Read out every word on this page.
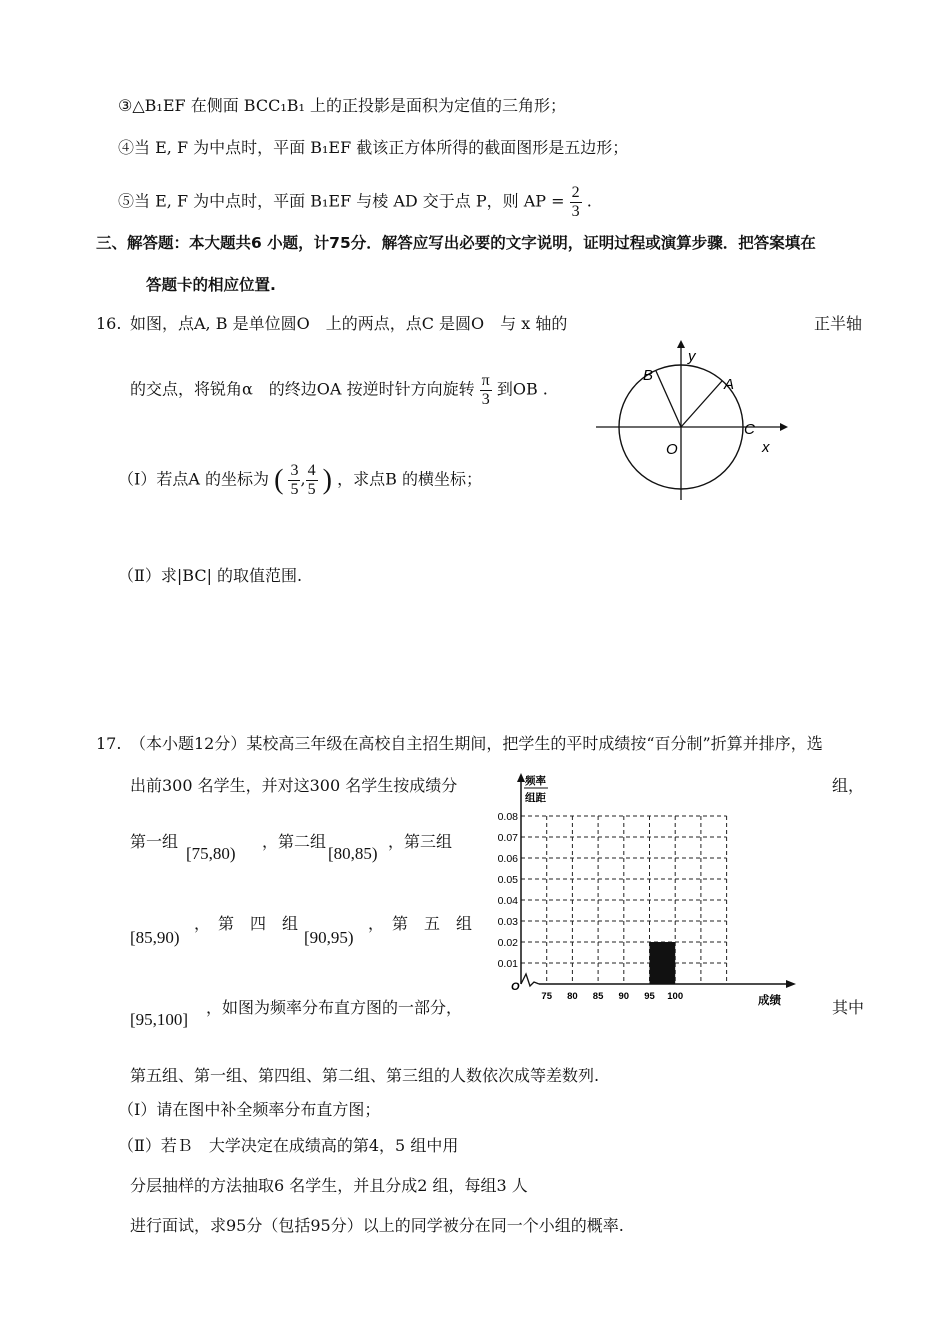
③△B₁EF 在侧面 BCC₁B₁ 上的正投影是面积为定值的三角形；
④当 E, F 为中点时，平面 B₁EF 截该正方体所得的截面图形是五边形；
⑤当 E, F 为中点时，平面 B₁EF 与棱 AD 交于点 P，则 AP = $\frac{2}{3}$ .
三、解答题：本大题共6 小题，计75分．解答应写出必要的文字说明，证明过程或演算步骤．把答案填在
答题卡的相应位置.
16. 如图，点A, B 是单位圆O　上的两点，点C 是圆O　与 x 轴的	正半轴
的交点，将锐角α　的终边OA 按逆时针方向旋转 $\frac{\pi}{3}$ 到OB .
（Ⅰ）若点A 的坐标为 ( $\frac{3}{5}$ , $\frac{4}{5}$ ) ，求点B 的横坐标；
（Ⅱ）求|BC| 的取值范围.
B
A
C
O	x
y
17. （本小题12分）某校高三年级在高校自主招生期间，把学生的平时成绩按“百分制”折算并排序，选
出前300 名学生，并对这300 名学生按成绩分	组，
第一组
[75,80)
，第二组
[80,85)
，第三组
[85,90)
，　第　四　组
[90,95)
，　第　五　组
[95,100]
，如图为频率分布直方图的一部分，	其中
第五组、第一组、第四组、第二组、第三组的人数依次成等差数列.
（Ⅰ）请在图中补全频率分布直方图；
（Ⅱ）若Ｂ　大学决定在成绩高的第4，5 组中用
分层抽样的方法抽取6 名学生，并且分成2 组，每组3 人
进行面试，求95分（包括95分）以上的同学被分在同一个小组的概率.
0.01
0.02
0.03
0.04
0.05
0.06
0.07
0.08
75 80 85 90 95 100
O
成绩
频率
组距
